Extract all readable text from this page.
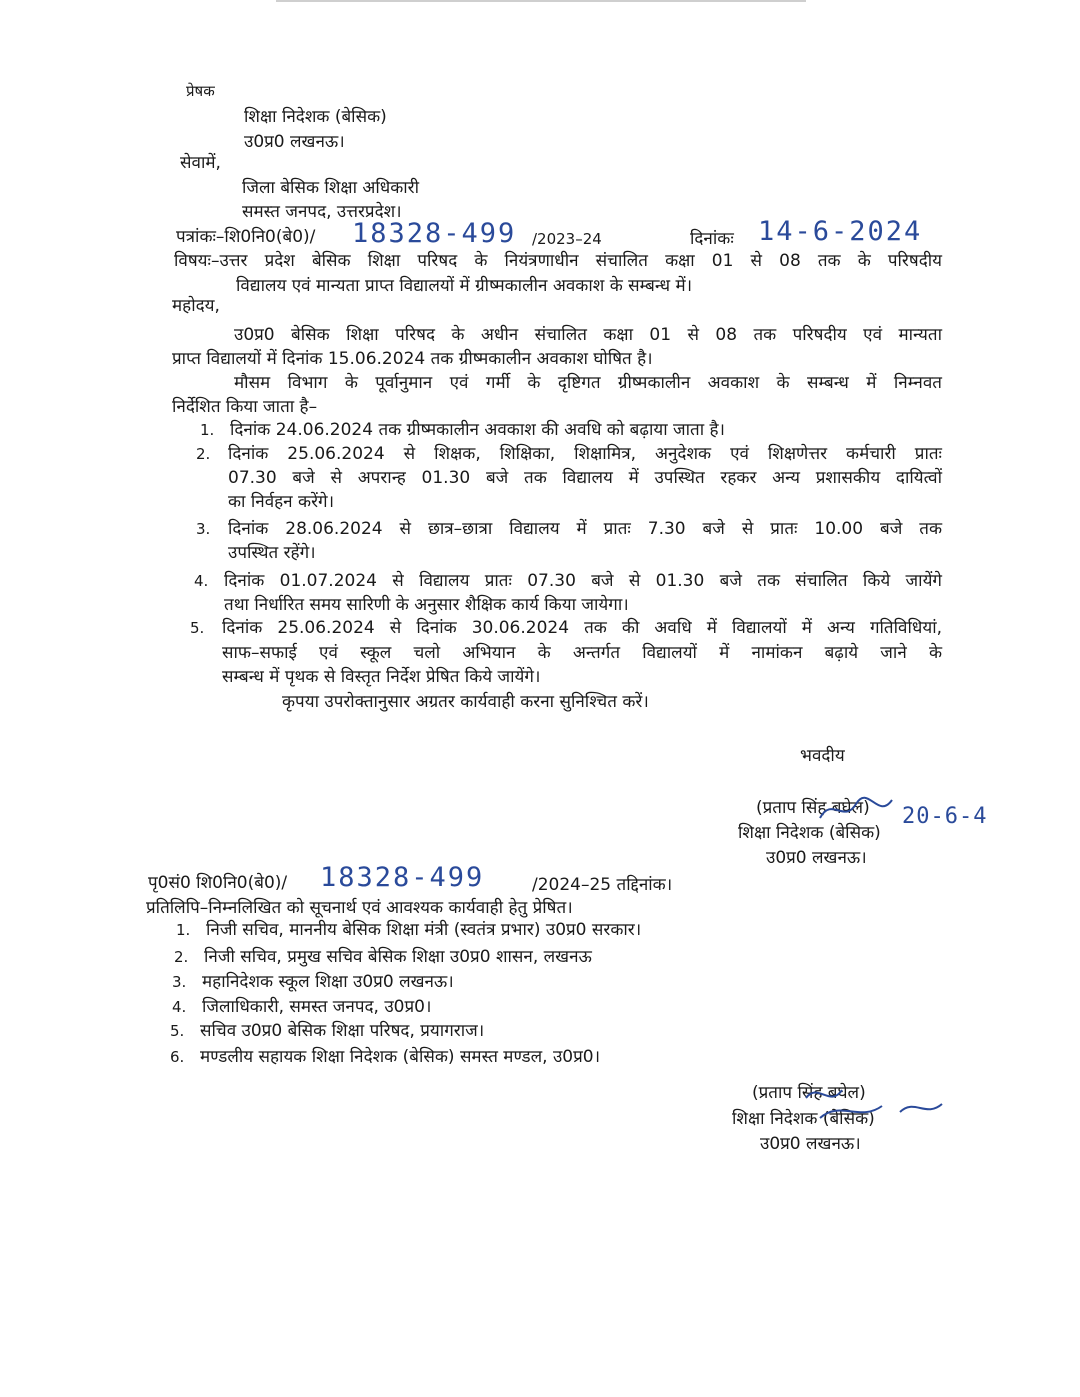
प्रेषक
शिक्षा निदेशक (बेसिक)
उ0प्र0 लखनऊ।
सेवामें,
जिला बेसिक शिक्षा अधिकारी
समस्त जनपद, उत्तरप्रदेश।
पत्रांकः–शि0नि0(बे0)/ 18328-499 /2023–24	दिनांकः 14-6-2024
विषयः–उत्तर प्रदेश बेसिक शिक्षा परिषद के नियंत्रणाधीन संचालित कक्षा 01 से 08 तक के परिषदीय
विद्यालय एवं मान्यता प्राप्त विद्यालयों में ग्रीष्मकालीन अवकाश के सम्बन्ध में।
महोदय,
उ0प्र0 बेसिक शिक्षा परिषद के अधीन संचालित कक्षा 01 से 08 तक परिषदीय एवं मान्यता
प्राप्त विद्यालयों में दिनांक 15.06.2024 तक ग्रीष्मकालीन अवकाश घोषित है।
मौसम विभाग के पूर्वानुमान एवं गर्मी के दृष्टिगत ग्रीष्मकालीन अवकाश के सम्बन्ध में निम्नवत
निर्देशित किया जाता है–
1. दिनांक 24.06.2024 तक ग्रीष्मकालीन अवकाश की अवधि को बढ़ाया जाता है।
2. दिनांक 25.06.2024 से शिक्षक, शिक्षिका, शिक्षामित्र, अनुदेशक एवं शिक्षणेत्तर कर्मचारी प्रातः
07.30 बजे से अपरान्ह 01.30 बजे तक विद्यालय में उपस्थित रहकर अन्य प्रशासकीय दायित्वों
का निर्वहन करेंगे।
3. दिनांक 28.06.2024 से छात्र–छात्रा विद्यालय में प्रातः 7.30 बजे से प्रातः 10.00 बजे तक
उपस्थित रहेंगे।
4. दिनांक 01.07.2024 से विद्यालय प्रातः 07.30 बजे से 01.30 बजे तक संचालित किये जायेंगे
तथा निर्धारित समय सारिणी के अनुसार शैक्षिक कार्य किया जायेगा।
5. दिनांक 25.06.2024 से दिनांक 30.06.2024 तक की अवधि में विद्यालयों में अन्य गतिविधियां,
साफ–सफाई एवं स्कूल चलो अभियान के अन्तर्गत विद्यालयों में नामांकन बढ़ाये जाने के
सम्बन्ध में पृथक से विस्तृत निर्देश प्रेषित किये जायेंगे।
कृपया उपरोक्तानुसार अग्रतर कार्यवाही करना सुनिश्चित करें।
भवदीय
(प्रताप सिंह बघेल) 20-6-4
शिक्षा निदेशक (बेसिक)
उ0प्र0 लखनऊ।
पृ0सं0 शि0नि0(बे0)/ 18328-499	/2024–25 तद्दिनांक।
प्रतिलिपि–निम्नलिखित को सूचनार्थ एवं आवश्यक कार्यवाही हेतु प्रेषित।
1. निजी सचिव, माननीय बेसिक शिक्षा मंत्री (स्वतंत्र प्रभार) उ0प्र0 सरकार।
2. निजी सचिव, प्रमुख सचिव बेसिक शिक्षा उ0प्र0 शासन, लखनऊ
3. महानिदेशक स्कूल शिक्षा उ0प्र0 लखनऊ।
4. जिलाधिकारी, समस्त जनपद, उ0प्र0।
5. सचिव उ0प्र0 बेसिक शिक्षा परिषद, प्रयागराज।
6. मण्डलीय सहायक शिक्षा निदेशक (बेसिक) समस्त मण्डल, उ0प्र0।
(प्रताप सिंह बघेल)
शिक्षा निदेशक (बेसिक)
उ0प्र0 लखनऊ।
